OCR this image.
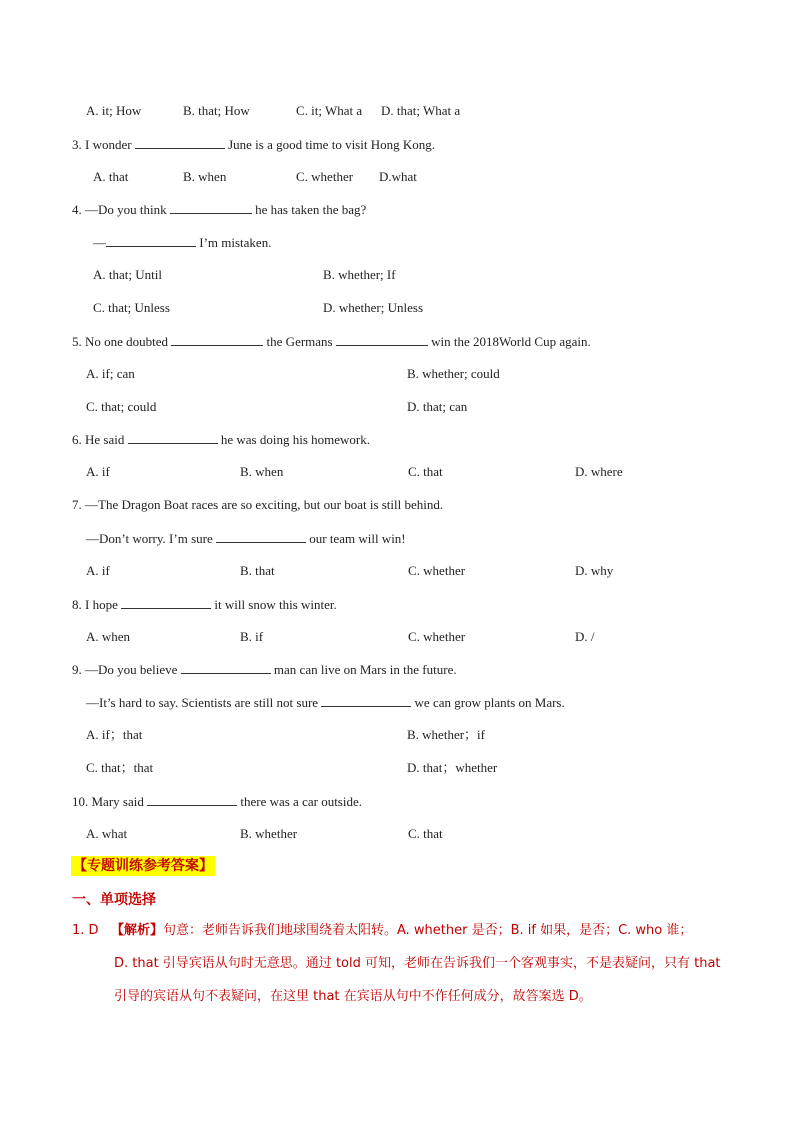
A. it; How	B. that; How	C. it; What a D. that; What a
3. I wonder	June is a good time to visit Hong Kong.
A. that	B. when	C. whether D.what
4. —Do you think	he has taken the bag?
—	I’m mistaken.
A. that; Until	B. whether; If
C. that; Unless	D. whether; Unless
5. No one doubted	the Germans	win the 2018World Cup again.
A. if; can	B. whether; could
C. that; could	D. that; can
6. He said	he was doing his homework.
A. if	B. when	C. that	D. where
7. —The Dragon Boat races are so exciting, but our boat is still behind.
—Don’t worry. I’m sure	our team will win!
A. if	B. that	C. whether	D. why
8. I hope	it will snow this winter.
A. when	B. if	C. whether	D. /
9. —Do you believe	man can live on Mars in the future.
—It’s hard to say. Scientists are still not sure	we can grow plants on Mars.
A. if；that	B. whether；if
C. that；that	D. that；whether
10. Mary said	there was a car outside.
A. what	B. whether	C. that
【专题训练参考答案】
一、单项选择
1. D 【解析】句意：老师告诉我们地球围绕着太阳转。A. whether 是否；B. if 如果，是否；C. who 谁；
D. that 引导宾语从句时无意思。通过 told 可知，老师在告诉我们一个客观事实，不是表疑问，只有 that
引导的宾语从句不表疑问，在这里 that 在宾语从句中不作任何成分，故答案选 D。
